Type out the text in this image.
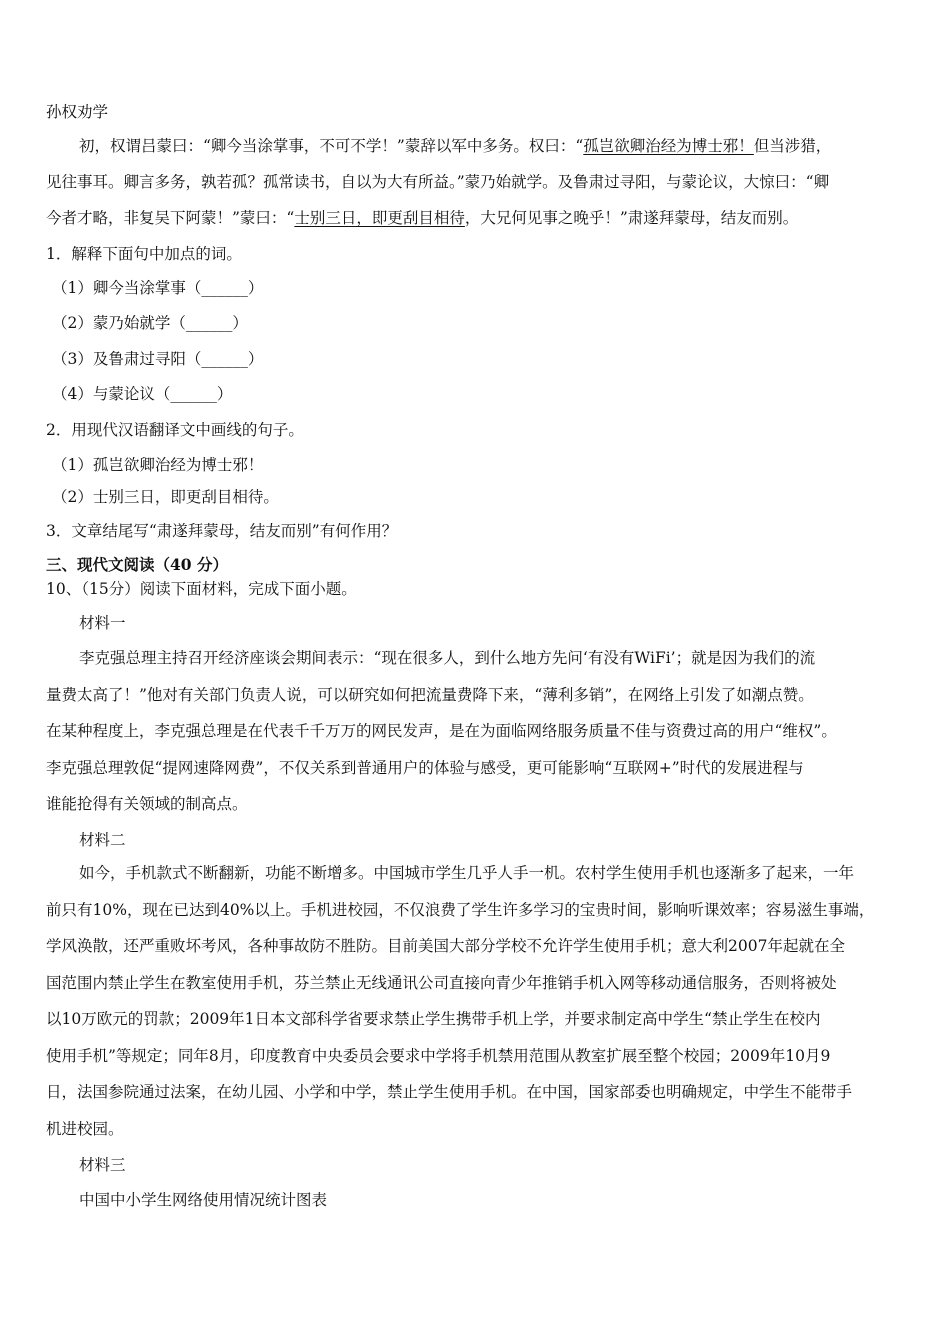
孙权劝学
初，权谓吕蒙曰：“卿今当涂掌事，不可不学！”蒙辞以军中多务。权曰：“孤岂欲卿治经为博士邪！但当涉猎，
见往事耳。卿言多务，孰若孤？孤常读书，自以为大有所益。”蒙乃始就学。及鲁肃过寻阳，与蒙论议，大惊曰：“卿
今者才略，非复吴下阿蒙！”蒙曰：“士别三日，即更刮目相待，大兄何见事之晚乎！”肃遂拜蒙母，结友而别。
1．解释下面句中加点的词。
（1）卿今当涂掌事（______）
（2）蒙乃始就学（______）
（3）及鲁肃过寻阳（______）
（4）与蒙论议（______）
2．用现代汉语翻译文中画线的句子。
（1）孤岂欲卿治经为博士邪！
（2）士别三日，即更刮目相待。
3．文章结尾写“肃遂拜蒙母，结友而别”有何作用？
三、现代文阅读（40 分）
10、（15分）阅读下面材料，完成下面小题。
材料一
李克强总理主持召开经济座谈会期间表示：“现在很多人，到什么地方先问‘有没有WiFi’；就是因为我们的流
量费太高了！”他对有关部门负责人说，可以研究如何把流量费降下来，“薄利多销”，在网络上引发了如潮点赞。
在某种程度上，李克强总理是在代表千千万万的网民发声，是在为面临网络服务质量不佳与资费过高的用户“维权”。
李克强总理敦促“提网速降网费”，不仅关系到普通用户的体验与感受，更可能影响“互联网+”时代的发展进程与
谁能抢得有关领域的制高点。
材料二
如今，手机款式不断翻新，功能不断增多。中国城市学生几乎人手一机。农村学生使用手机也逐渐多了起来，一年
前只有10%，现在已达到40%以上。手机进校园，不仅浪费了学生许多学习的宝贵时间，影响听课效率；容易滋生事端，
学风涣散，还严重败坏考风，各种事故防不胜防。目前美国大部分学校不允许学生使用手机；意大利2007年起就在全
国范围内禁止学生在教室使用手机，芬兰禁止无线通讯公司直接向青少年推销手机入网等移动通信服务，否则将被处
以10万欧元的罚款；2009年1日本文部科学省要求禁止学生携带手机上学，并要求制定高中学生“禁止学生在校内
使用手机”等规定；同年8月，印度教育中央委员会要求中学将手机禁用范围从教室扩展至整个校园；2009年10月9
日，法国参院通过法案，在幼儿园、小学和中学，禁止学生使用手机。在中国，国家部委也明确规定，中学生不能带手
机进校园。
材料三
中国中小学生网络使用情况统计图表
